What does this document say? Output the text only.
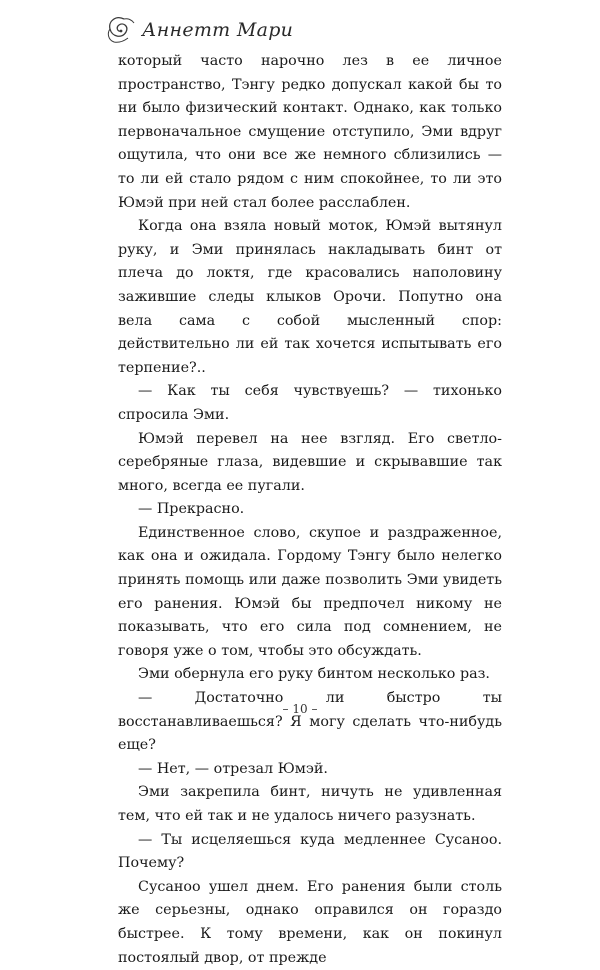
Аннетт Мари

который часто нарочно лез в ее личное пространство, Тэнгу редко допускал какой бы то ни было физический контакт. Однако, как только первоначальное смущение отступило, Эми вдруг ощутила, что они все же немного сблизились — то ли ей стало рядом с ним спокойнее, то ли это Юмэй при ней стал более расслаблен.

Когда она взяла новый моток, Юмэй вытянул руку, и Эми принялась накладывать бинт от плеча до локтя, где красовались наполовину зажившие следы клыков Орочи. Попутно она вела сама с собой мысленный спор: действительно ли ей так хочется испытывать его терпение?..

— Как ты себя чувствуешь? — тихонько спросила Эми.

Юмэй перевел на нее взгляд. Его светло-серебряные глаза, видевшие и скрывавшие так много, всегда ее пугали.

— Прекрасно.

Единственное слово, скупое и раздраженное, как она и ожидала. Гордому Тэнгу было нелегко принять помощь или даже позволить Эми увидеть его ранения. Юмэй бы предпочел никому не показывать, что его сила под сомнением, не говоря уже о том, чтобы это обсуждать.

Эми обернула его руку бинтом несколько раз.

— Достаточно ли быстро ты восстанавливаешься? Я могу сделать что-нибудь еще?

— Нет, — отрезал Юмэй.

Эми закрепила бинт, ничуть не удивленная тем, что ей так и не удалось ничего разузнать.

— Ты исцеляешься куда медленнее Сусаноо. Почему?

Сусаноо ушел днем. Его ранения были столь же серьезны, однако оправился он гораздо быстрее. К тому времени, как он покинул постоялый двор, от прежде

– 10 –
